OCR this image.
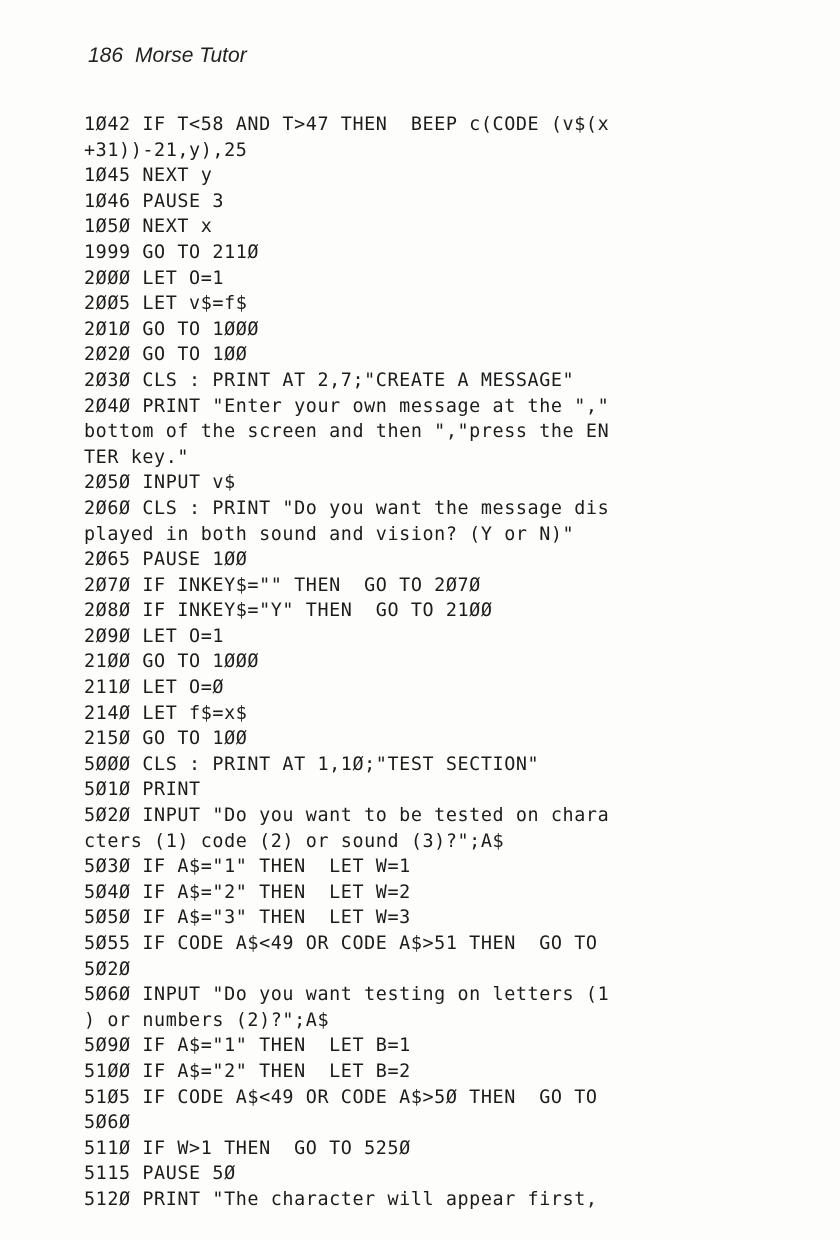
186 Morse Tutor
1Ø42 IF T<58 AND T>47 THEN  BEEP c(CODE (v$(x
+31))-21,y),25
1Ø45 NEXT y
1Ø46 PAUSE 3
1Ø5Ø NEXT x
1999 GO TO 211Ø
2ØØØ LET O=1
2ØØ5 LET v$=f$
2Ø1Ø GO TO 1ØØØ
2Ø2Ø GO TO 1ØØ
2Ø3Ø CLS : PRINT AT 2,7;"CREATE A MESSAGE"
2Ø4Ø PRINT "Enter your own message at the ","
bottom of the screen and then ","press the EN
TER key."
2Ø5Ø INPUT v$
2Ø6Ø CLS : PRINT "Do you want the message dis
played in both sound and vision? (Y or N)"
2Ø65 PAUSE 1ØØ
2Ø7Ø IF INKEY$="" THEN  GO TO 2Ø7Ø
2Ø8Ø IF INKEY$="Y" THEN  GO TO 21ØØ
2Ø9Ø LET O=1
21ØØ GO TO 1ØØØ
211Ø LET O=Ø
214Ø LET f$=x$
215Ø GO TO 1ØØ
5ØØØ CLS : PRINT AT 1,1Ø;"TEST SECTION"
5Ø1Ø PRINT
5Ø2Ø INPUT "Do you want to be tested on chara
cters (1) code (2) or sound (3)?";A$
5Ø3Ø IF A$="1" THEN  LET W=1
5Ø4Ø IF A$="2" THEN  LET W=2
5Ø5Ø IF A$="3" THEN  LET W=3
5Ø55 IF CODE A$<49 OR CODE A$>51 THEN  GO TO
5Ø2Ø
5Ø6Ø INPUT "Do you want testing on letters (1
) or numbers (2)?";A$
5Ø9Ø IF A$="1" THEN  LET B=1
51ØØ IF A$="2" THEN  LET B=2
51Ø5 IF CODE A$<49 OR CODE A$>5Ø THEN  GO TO
5Ø6Ø
511Ø IF W>1 THEN  GO TO 525Ø
5115 PAUSE 5Ø
512Ø PRINT "The character will appear first,
